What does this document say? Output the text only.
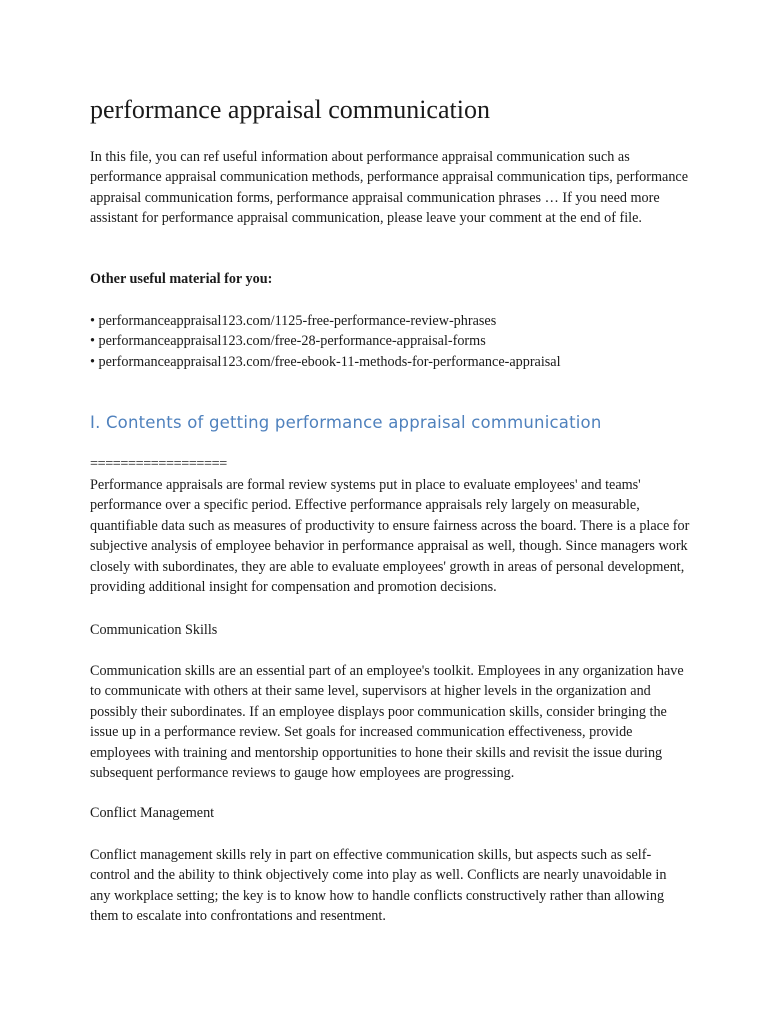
performance appraisal communication

In this file, you can ref useful information about performance appraisal communication such as performance appraisal communication methods, performance appraisal communication tips, performance appraisal communication forms, performance appraisal communication phrases … If you need more assistant for performance appraisal communication, please leave your comment at the end of file.

Other useful material for you:

• performanceappraisal123.com/1125-free-performance-review-phrases
• performanceappraisal123.com/free-28-performance-appraisal-forms
• performanceappraisal123.com/free-ebook-11-methods-for-performance-appraisal
I. Contents of getting performance appraisal communication

==================

Performance appraisals are formal review systems put in place to evaluate employees' and teams' performance over a specific period. Effective performance appraisals rely largely on measurable, quantifiable data such as measures of productivity to ensure fairness across the board. There is a place for subjective analysis of employee behavior in performance appraisal as well, though. Since managers work closely with subordinates, they are able to evaluate employees' growth in areas of personal development, providing additional insight for compensation and promotion decisions.

Communication Skills

Communication skills are an essential part of an employee's toolkit. Employees in any organization have to communicate with others at their same level, supervisors at higher levels in the organization and possibly their subordinates. If an employee displays poor communication skills, consider bringing the issue up in a performance review. Set goals for increased communication effectiveness, provide employees with training and mentorship opportunities to hone their skills and revisit the issue during subsequent performance reviews to gauge how employees are progressing.

Conflict Management

Conflict management skills rely in part on effective communication skills, but aspects such as self-control and the ability to think objectively come into play as well. Conflicts are nearly unavoidable in any workplace setting; the key is to know how to handle conflicts constructively rather than allowing them to escalate into confrontations and resentment.
